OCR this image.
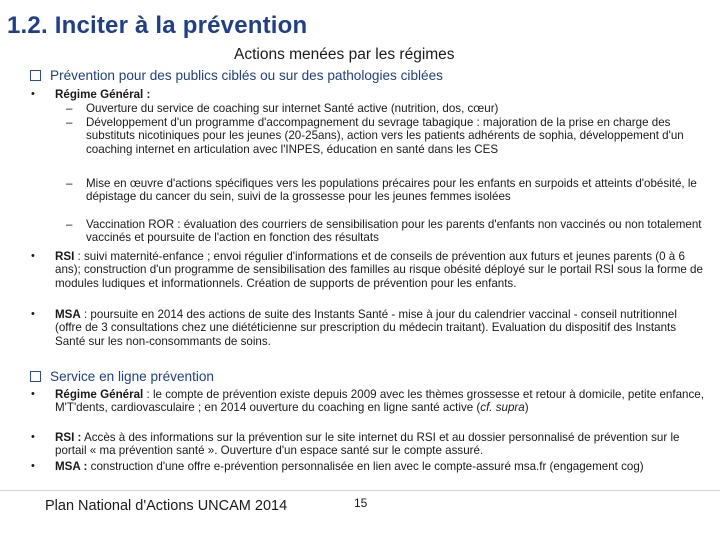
1.2. Inciter à la prévention
Actions menées par les régimes
Prévention pour des publics ciblés ou sur des pathologies ciblées
• Régime Général :
– Ouverture du service de coaching sur internet Santé active (nutrition, dos, cœur)
– Développement d'un programme d'accompagnement du sevrage tabagique : majoration de la prise en charge des substituts nicotiniques pour les jeunes (20-25ans), action vers les patients adhérents de sophia, développement d'un coaching internet en articulation avec l'INPES, éducation en santé dans les CES
– Mise en œuvre d'actions spécifiques vers les populations précaires pour les enfants en surpoids et atteints d'obésité, le dépistage du cancer du sein, suivi de la grossesse pour les jeunes femmes isolées
– Vaccination ROR : évaluation des courriers de sensibilisation pour les parents d'enfants non vaccinés ou non totalement vaccinés et poursuite de l'action en fonction des résultats
• RSI : suivi maternité-enfance ; envoi régulier d'informations et de conseils de prévention aux futurs et jeunes parents (0 à 6 ans); construction d'un programme de sensibilisation des familles au risque obésité déployé sur le portail RSI sous la forme de modules ludiques et informationnels. Création de supports de prévention pour les enfants.
• MSA : poursuite en 2014 des actions de suite des Instants Santé - mise à jour du calendrier vaccinal - conseil nutritionnel (offre de 3 consultations chez une diététicienne sur prescription du médecin traitant). Evaluation du dispositif des Instants Santé sur les non-consommants de soins.
Service en ligne prévention
• Régime Général : le compte de prévention existe depuis 2009 avec les thèmes grossesse et retour à domicile, petite enfance, M'T'dents, cardiovasculaire ; en 2014 ouverture du coaching en ligne santé active (cf. supra)
• RSI : Accès à des informations sur la prévention sur le site internet du RSI et au dossier personnalisé de prévention sur le portail « ma prévention santé ». Ouverture d'un espace santé sur le compte assuré.
• MSA : construction d'une offre e-prévention personnalisée en lien avec le compte-assuré msa.fr (engagement cog)
Plan National d'Actions UNCAM 2014	15
